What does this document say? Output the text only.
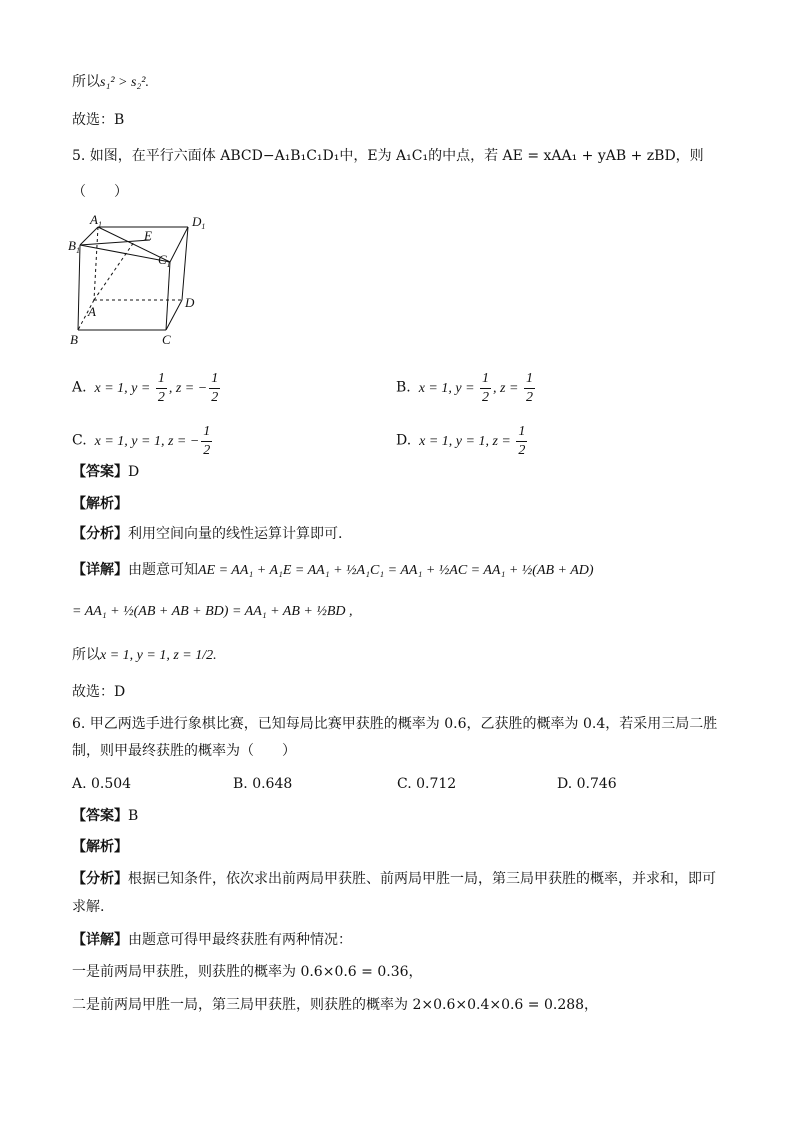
所以s₁² > s₂².
故选：B
5. 如图，在平行六面体 ABCD−A₁B₁C₁D₁中，E为 A₁C₁的中点，若 AE = xAA₁ + yAB + zBD，则
（　　）
$A_1$	$D_1$
$B_1$
E
$C_1$
A
D
B	C
A.  x = 1, $y = \frac{1}{2}$ , z = − $\frac{1}{2}$	B.  x = 1, $y = \frac{1}{2}$ , $z = \frac{1}{2}$
C.  x = 1, y = 1, z = − $\frac{1}{2}$	D.  x = 1, y = 1, $z = \frac{1}{2}$
【答案】D
【解析】
【分析】利用空间向量的线性运算计算即可.
【详解】由题意可知AE = AA₁ + A₁E = AA₁ + ½A₁C₁ = AA₁ + ½AC = AA₁ + ½(AB + AD)
= AA₁ + ½(AB + AB + BD) = AA₁ + AB + ½BD ,
所以x = 1, y = 1, z = 1/2.
故选：D
6. 甲乙两选手进行象棋比赛，已知每局比赛甲获胜的概率为 0.6，乙获胜的概率为 0.4，若采用三局二胜
制，则甲最终获胜的概率为（　　）
A. 0.504	B. 0.648	C. 0.712	D. 0.746
【答案】B
【解析】
【分析】根据已知条件，依次求出前两局甲获胜、前两局甲胜一局，第三局甲获胜的概率，并求和，即可
求解.
【详解】由题意可得甲最终获胜有两种情况：
一是前两局甲获胜，则获胜的概率为 0.6×0.6 = 0.36，
二是前两局甲胜一局，第三局甲获胜，则获胜的概率为 2×0.6×0.4×0.6 = 0.288，
